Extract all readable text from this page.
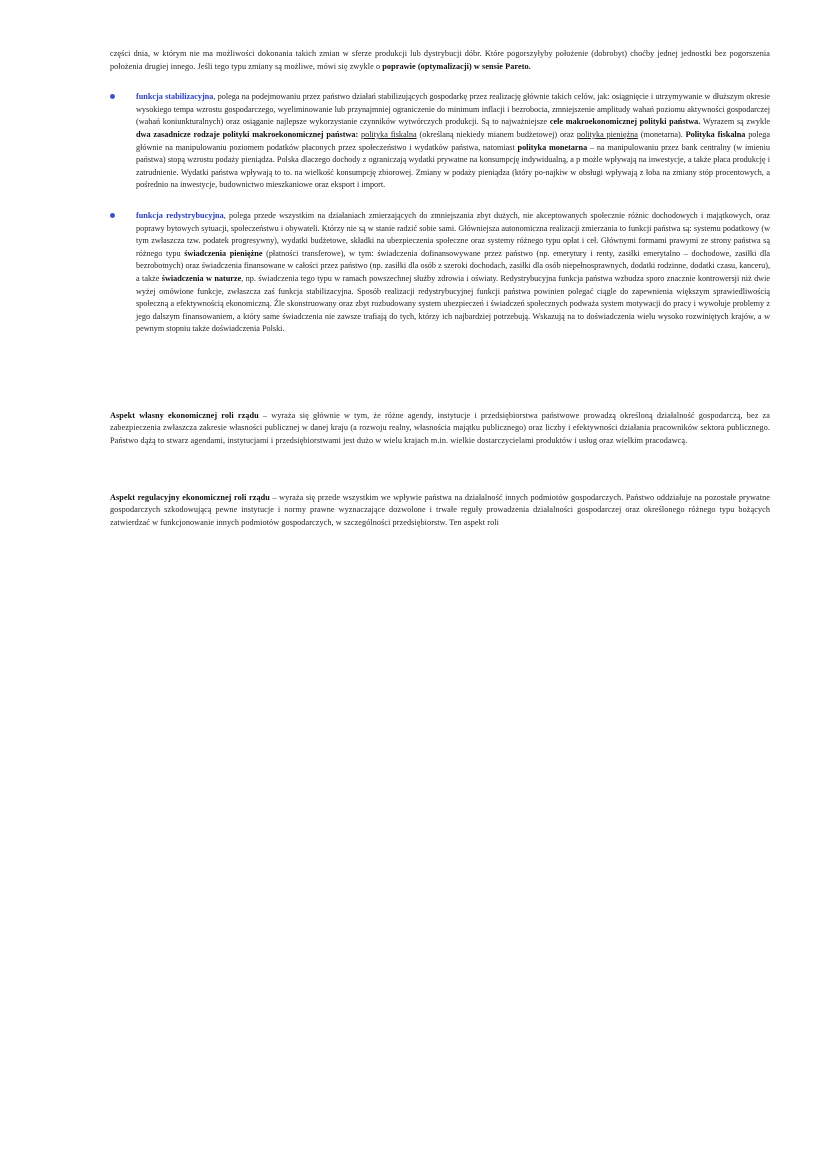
części dnia, w którym nie ma możliwości dokonania takich zmian w sferze produkcji lub dystrybucji dóbr. Które pogorszyłyby położenie (dobrobyt) choćby jednej jednostki bez pogorszenia położenia drugiej innego. Jeśli tego typu zmiany są możliwe, mówi się zwykle o poprawie (optymalizacji) w sensie Pareto.

funkcja stabilizacyjna, polega na podejmowaniu przez państwo działań stabilizujących gospodarkę przez realizację głównie takich celów, jak: osiągnięcie i utrzymywanie w dłuższym okresie wysokiego tempa wzrostu gospodarczego, wyeliminowanie lub przynajmniej ograniczenie do minimum inflacji i bezrobocia, zmniejszenie amplitudy wahań poziomu aktywności gospodarczej (wahań koniunkturalnych) oraz osiąganie najlepsze wykorzystanie czynników wytwórczych produkcji. Są to najważniejsze cele makroekonomicznej polityki państwa. Wyrazem są zwykle dwa zasadnicze rodzaje polityki makroekonomicznej państwa: polityka fiskalna (określaną niekiedy mianem budżetowej) oraz polityka pieniężna (monetarna). Polityka fiskalna polega głównie na manipulowaniu poziomem podatków płaconych przez społeczeństwo i wydatków państwa, natomiast polityka monetarna – na manipulowaniu przez bank centralny (w imieniu państwa) stopą wzrostu podaży pieniądza. Polska dlaczego dochody z ograniczają wydatki prywatne na konsumpcję indywidualną, a p możle wpływają na inwestycje, a także płaca produkcję i zatrudnienie. Wydatki państwa wpływają to to. na wielkość konsumpcję zbiorowej. Zmiany w podaży pieniądza (który po-najkiw w obsługi wpływają z łoba na zmiany stóp procentowych, a pośrednio na inwestycje, budownictwo mieszkaniowe oraz eksport i import.
funkcja redystrybucyjna, polega przede wszystkim na działaniach zmierzających do zmniejszania zbyt dużych, nie akceptowanych społecznie różnic dochodowych i majątkowych, oraz poprawy bytowych sytuacji, społeczeństwu i obywateli. Którzy nie są w stanie radzić sobie sami. Główniejsza autonomiczna realizacji zmierzania to funkcji państwa są: systemu podatkowy (w tym zwłaszcza tzw. podatek progresywny), wydatki budżetowe, składki na ubezpieczenia społeczne oraz systemy różnego typu opłat i ceł. Głównymi formami prawymi ze strony państwa są różnego typu świadczenia pieniężne (płatności transferowe), w tym: świadczenia dofinansowywane przez państwo (np. emerytury i renty, zasiłki emerytalno – dochodowe, zasiłki dla bezrobotnych) oraz świadczenia finansowane w całości przez państwo (np. zasiłki dla osób z szeroki dochodach, zasiłki dla osób niepełnosprawnych, dodatki rodzinne, dodatki czasu, kanceru), a także świadczenia w naturze, np. świadczenia tego typu w ramach powszechnej służby zdrowia i oświaty. Redystrybucyjna funkcja państwa wzbudza sporo znacznie kontrowersji niż dwie wyżej omówione funkcje, zwłaszcza zaś funkcja stabilizacyjna. Sposób realizacji redystrybucyjnej funkcji państwa powinien polegać ciągle do zapewnienia większym sprawiedliwością społeczną a efektywnością ekonomiczną. Źle skonstruowany oraz zbyt rozbudowany system ubezpieczeń i świadczeń społecznych podważa system motywacji do pracy i wywołuje problemy z jego dalszym finansowaniem, a który same świadczenia nie zawsze trafiają do tych, którzy ich najbardziej potrzebują. Wskazują na to doświadczenia wielu wysoko rozwiniętych krajów, a w pewnym stopniu także doświadczenia Polski.

Aspekt własny ekonomicznej roli rządu – wyraża się głównie w tym, że różne agendy, instytucje i przedsiębiorstwa państwowe prowadzą określoną działalność gospodarczą, bez za zabezpieczenia zwłaszcza zakresie własności publicznej w danej kraju (a rozwoju realny, własnościa majątku publicznego) oraz liczby i efektywności działania pracowników sektora publicznego. Państwo dążą to stwarz agendami, instytucjami i przedsiębiorstwami jest dużo w wielu krajach m.in. wielkie dostarczycielami produktów i usług oraz wielkim pracodawcą.

Aspekt regulacyjny ekonomicznej roli rządu – wyraża się przede wszystkim we wpływie państwa na działalność innych podmiotów gospodarczych. Państwo oddziałuje na pozostałe prywatne gospodarczych szkodowującą pewne instytucje i normy prawne wyznaczające dozwolone i trwałe reguły prowadzenia działalności gospodarczej oraz określonego różnego typu bożących zatwierdzać w funkcjonowanie innych podmiotów gospodarczych, w szczególności przedsiębiorstw. Ten aspekt roli
